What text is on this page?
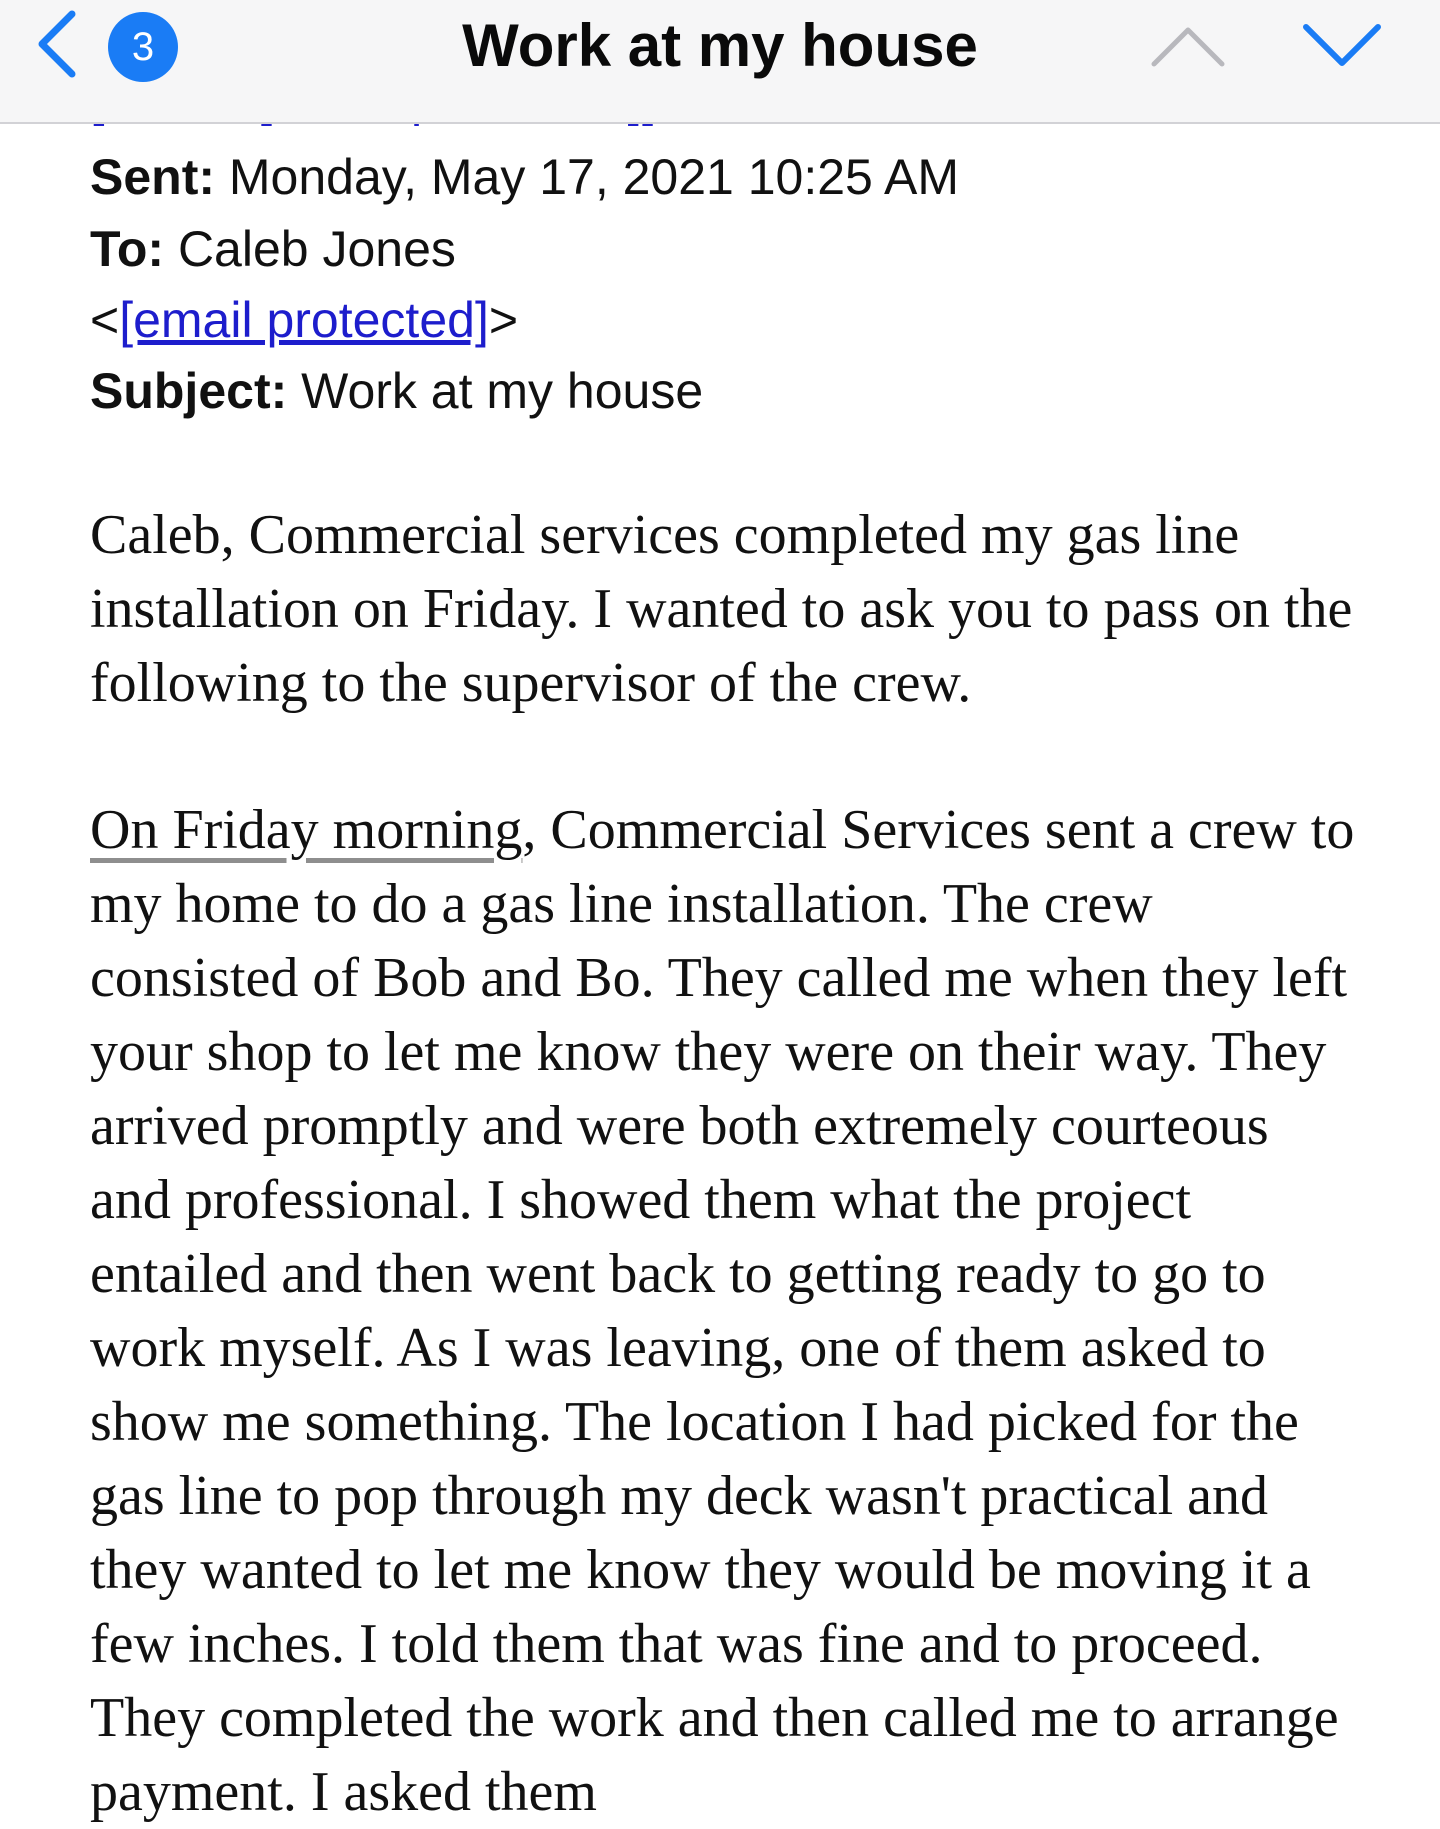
3	Work at my house
Sent: Monday, May 17, 2021 10:25 AM
To: Caleb Jones
<[email protected]>
Subject: Work at my house

Caleb, Commercial services completed my gas line installation on Friday. I wanted to ask you to pass on the following to the supervisor of the crew.

On Friday morning, Commercial Services sent a crew to my home to do a gas line installation. The crew consisted of Bob and Bo. They called me when they left your shop to let me know they were on their way. They arrived promptly and were both extremely courteous and professional. I showed them what the project entailed and then went back to getting ready to go to work myself. As I was leaving, one of them asked to show me something. The location I had picked for the gas line to pop through my deck wasn't practical and they wanted to let me know they would be moving it a few inches. I told them that was fine and to proceed. They completed the work and then called me to arrange payment. I asked them
